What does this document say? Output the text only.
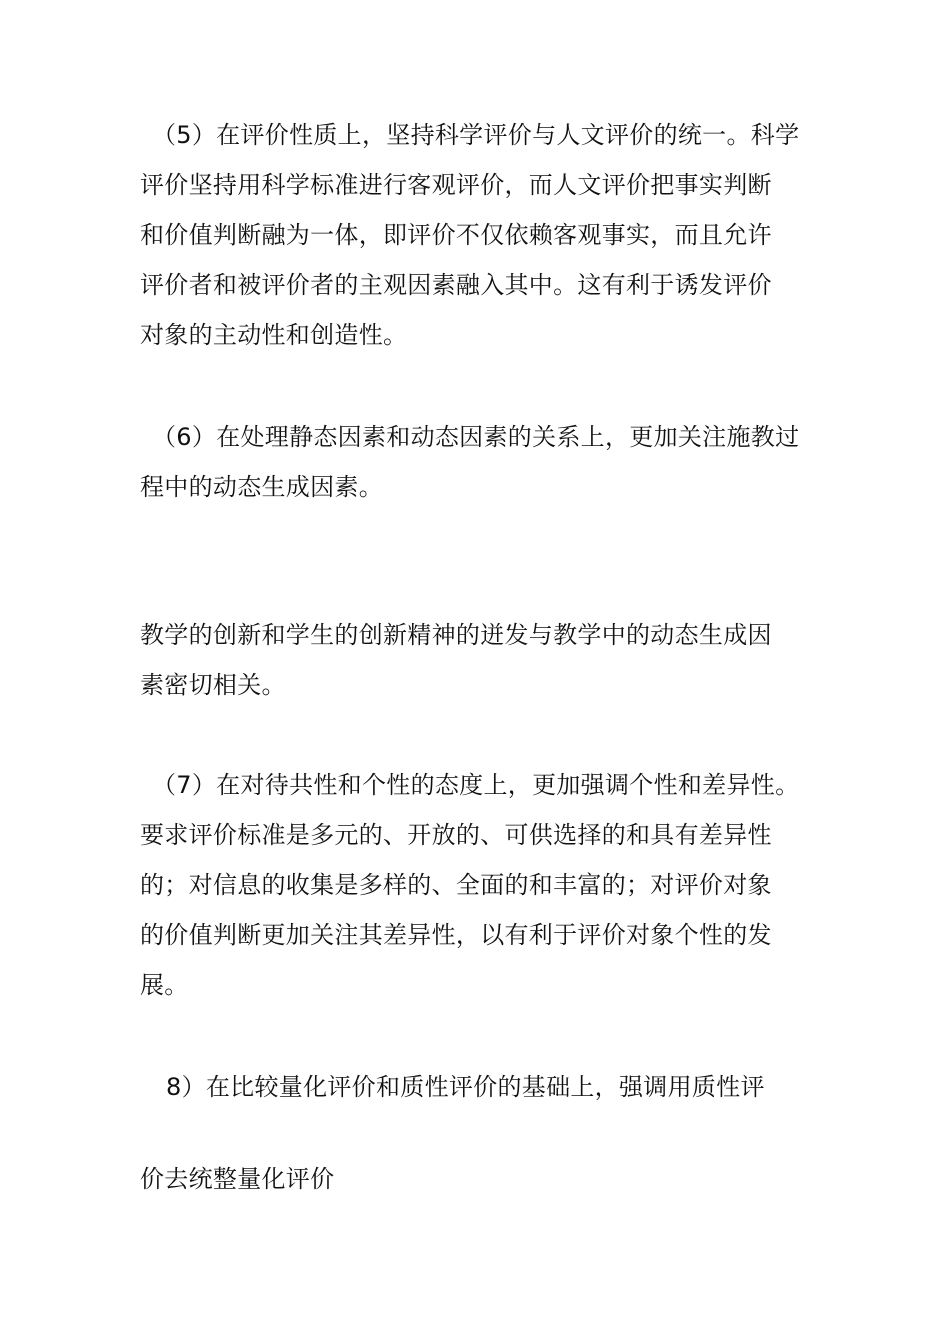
（5）在评价性质上，坚持科学评价与人文评价的统一。科学
评价坚持用科学标准进行客观评价，而人文评价把事实判断
和价值判断融为一体，即评价不仅依赖客观事实，而且允许
评价者和被评价者的主观因素融入其中。这有利于诱发评价
对象的主动性和创造性。

（6）在处理静态因素和动态因素的关系上，更加关注施教过
程中的动态生成因素。

教学的创新和学生的创新精神的迸发与教学中的动态生成因
素密切相关。

（7）在对待共性和个性的态度上，更加强调个性和差异性。
要求评价标准是多元的、开放的、可供选择的和具有差异性
的；对信息的收集是多样的、全面的和丰富的；对评价对象
的价值判断更加关注其差异性，以有利于评价对象个性的发
展。

8）在比较量化评价和质性评价的基础上，强调用质性评

价去统整量化评价
